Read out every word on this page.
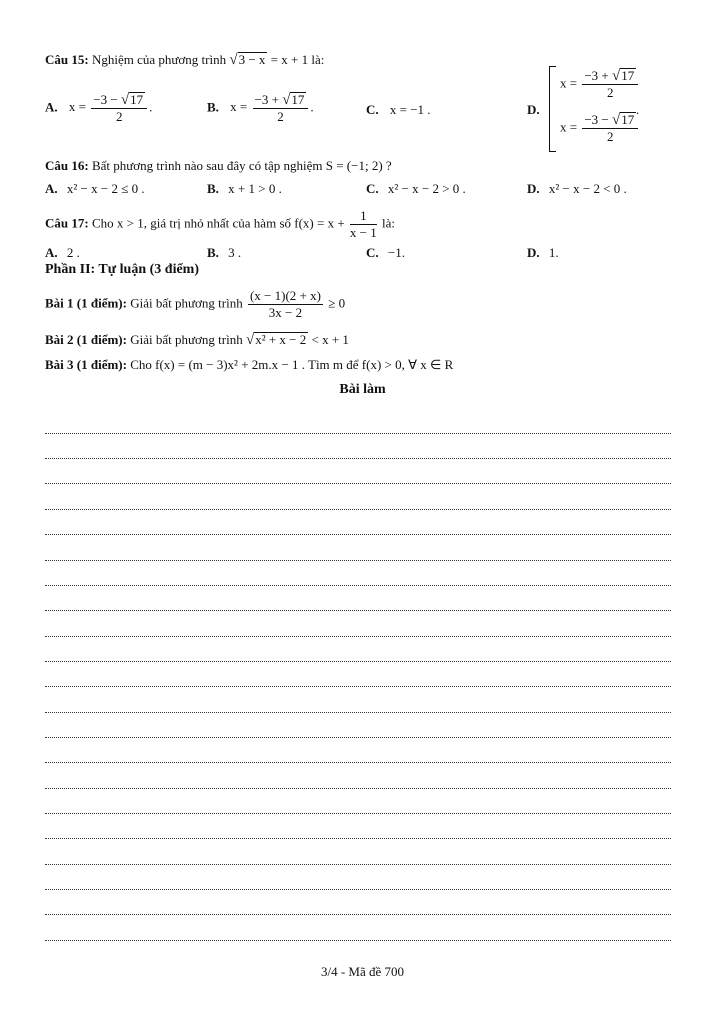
Câu 15: Nghiệm của phương trình √3 − x = x + 1 là:
A. $x = \frac{-3 - √17}{2}$ .	B. $x = \frac{-3 + √17}{2}$ .	C. x = −1 .	D.
$x = \frac{-3 + √17}{2}$
$x = \frac{-3 - √17}{2}$
.
Câu 16: Bất phương trình nào sau đây có tập nghiệm S = (−1; 2) ?
A. x² − x − 2 ≤ 0 .	B. x + 1 > 0 .	C. x² − x − 2 > 0 .	D. x² − x − 2 < 0 .
Câu 17: Cho x > 1, giá trị nhỏ nhất của hàm số $f(x) = x + \frac{1}{x - 1}$ là:
A. 2 .	B. 3 .	C. −1.	D. 1.
Phần II: Tự luận (3 điểm)
Bài 1 (1 điểm): Giải bất phương trình $\frac{(x - 1)(2 + x)}{3x - 2} \ge 0$
Bài 2 (1 điểm): Giải bất phương trình √x² + x − 2 < x + 1
Bài 3 (1 điểm): Cho f(x) = (m − 3)x² + 2m.x − 1 . Tìm m để f(x) > 0, ∀ x ∈ R
Bài làm
3/4 - Mã đề 700
